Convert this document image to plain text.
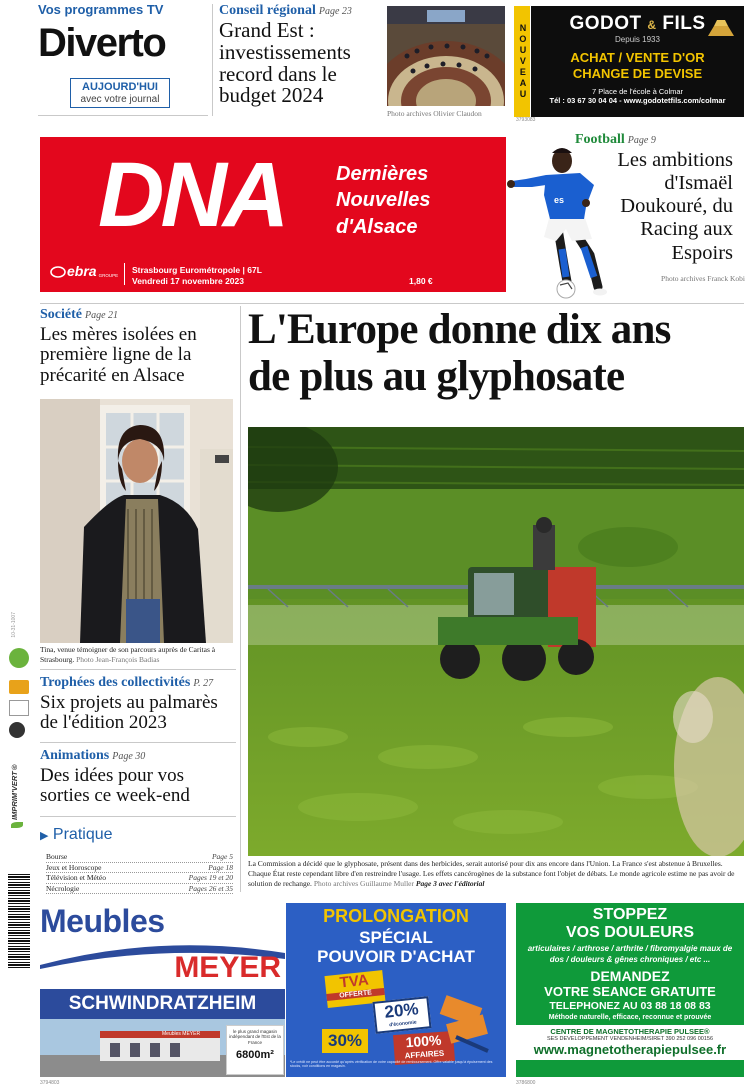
Vos programmes TV
Diverto
AUJOURD'HUI
avec votre journal
Conseil régional Page 23
Grand Est : investissements record dans le budget 2024
Photo archives Olivier Claudon
NOUVEAU	GODOT & FILS
Depuis 1933
ACHAT / VENTE D'OR
CHANGE DE DEVISE
7 Place de l'école à Colmar
Tél : 03 67 30 04 04 - www.godotetfils.com/colmar
3793083
DNA	Dernières
Nouvelles
d'Alsace
ebra GROUPE
Strasbourg Eurométropole | 67L
Vendredi 17 novembre 2023	1,80 €
es
Football Page 9
Les ambitions d'Ismaël Doukouré, du Racing aux Espoirs
Photo archives Franck Kobi
Société Page 21
Les mères isolées en première ligne de la précarité en Alsace
Tina, venue témoigner de son parcours auprès de Caritas à Strasbourg. Photo Jean-François Badias
Trophées des collectivités P. 27
Six projets au palmarès de l'édition 2023
Animations Page 30
Des idées pour vos sorties ce week-end
▶ Pratique
Bourse	Page 5
Jeux et Horoscope	Page 18
Télévision et Météo	Pages 19 et 20
Nécrologie	Pages 26 et 35
10-31-1007
IMPRIM'VERT®
L'Europe donne dix ans
de plus au glyphosate
La Commission a décidé que le glyphosate, présent dans des herbicides, serait autorisé pour dix ans encore dans l'Union. La France s'est abstenue à Bruxelles. Chaque État reste cependant libre d'en restreindre l'usage. Les effets cancérogènes de la substance font l'objet de débats. Le monde agricole estime ne pas avoir de solution de rechange. Photo archives Guillaume Muller Page 3 avec l'éditorial
Meubles
MEYER
SCHWINDRATZHEIM
Meubles MEYER	le plus grand magasin
indépendant de l'Est de la France
6800m²
3794803
PROLONGATION
SPÉCIAL
POUVOIR D'ACHAT
TVA
OFFERTE
20%
d'économie
30%	100%
AFFAIRES
*Le crédit ne peut être accordé qu'après vérification de votre capacité de remboursement. Offre valable jusqu'à épuisement des stocks, voir conditions en magasin.
STOPPEZ
VOS DOULEURS
articulaires / arthrose / arthrite / fibromyalgie maux de dos / douleurs & gênes chroniques / etc ...
DEMANDEZ
VOTRE SEANCE GRATUITE
TELEPHONEZ AU 03 88 18 08 83
Méthode naturelle, efficace, reconnue et prouvée
CENTRE DE MAGNETOTHERAPIE PULSEE®
SES DEVELOPPEMENT VENDENHEIM/SIRET 390 252 096 00156
www.magnetotherapiepulsee.fr
3786800
